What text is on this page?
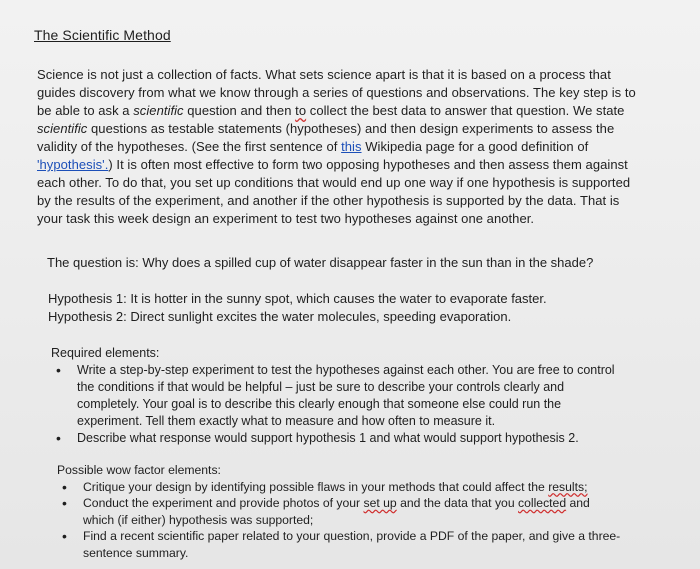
The Scientific Method
Science is not just a collection of facts. What sets science apart is that it is based on a process that
guides discovery from what we know through a series of questions and observations. The key step is to
be able to ask a scientific question and then to collect the best data to answer that question. We state
scientific questions as testable statements (hypotheses) and then design experiments to assess the
validity of the hypotheses. (See the first sentence of this Wikipedia page for a good definition of
'hypothesis'.) It is often most effective to form two opposing hypotheses and then assess them against
each other. To do that, you set up conditions that would end up one way if one hypothesis is supported
by the results of the experiment, and another if the other hypothesis is supported by the data. That is
your task this week design an experiment to test two hypotheses against one another.
The question is: Why does a spilled cup of water disappear faster in the sun than in the shade?
Hypothesis 1: It is hotter in the sunny spot, which causes the water to evaporate faster.
Hypothesis 2: Direct sunlight excites the water molecules, speeding evaporation.
Required elements:
• Write a step-by-step experiment to test the hypotheses against each other. You are free to control
the conditions if that would be helpful – just be sure to describe your controls clearly and
completely. Your goal is to describe this clearly enough that someone else could run the
experiment. Tell them exactly what to measure and how often to measure it.
• Describe what response would support hypothesis 1 and what would support hypothesis 2.
Possible wow factor elements:
• Critique your design by identifying possible flaws in your methods that could affect the results;
• Conduct the experiment and provide photos of your set up and the data that you collected and
which (if either) hypothesis was supported;
• Find a recent scientific paper related to your question, provide a PDF of the paper, and give a three-
sentence summary.
